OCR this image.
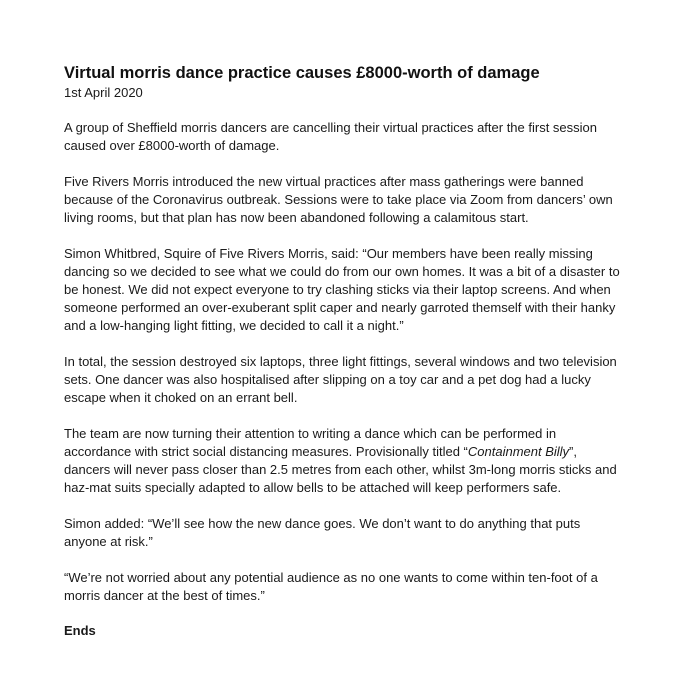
Virtual morris dance practice causes £8000-worth of damage
1st April 2020

A group of Sheffield morris dancers are cancelling their virtual practices after the first session caused over £8000-worth of damage.

Five Rivers Morris introduced the new virtual practices after mass gatherings were banned because of the Coronavirus outbreak. Sessions were to take place via Zoom from dancers’ own living rooms, but that plan has now been abandoned following a calamitous start.

Simon Whitbred, Squire of Five Rivers Morris, said: “Our members have been really missing dancing so we decided to see what we could do from our own homes. It was a bit of a disaster to be honest. We did not expect everyone to try clashing sticks via their laptop screens. And when someone performed an over-exuberant split caper and nearly garroted themself with their hanky and a low-hanging light fitting, we decided to call it a night.”

In total, the session destroyed six laptops, three light fittings, several windows and two television sets. One dancer was also hospitalised after slipping on a toy car and a pet dog had a lucky escape when it choked on an errant bell.

The team are now turning their attention to writing a dance which can be performed in accordance with strict social distancing measures. Provisionally titled “Containment Billy”, dancers will never pass closer than 2.5 metres from each other, whilst 3m-long morris sticks and haz-mat suits specially adapted to allow bells to be attached will keep performers safe.

Simon added: “We’ll see how the new dance goes. We don’t want to do anything that puts anyone at risk.”

“We’re not worried about any potential audience as no one wants to come within ten-foot of a morris dancer at the best of times.”

Ends
